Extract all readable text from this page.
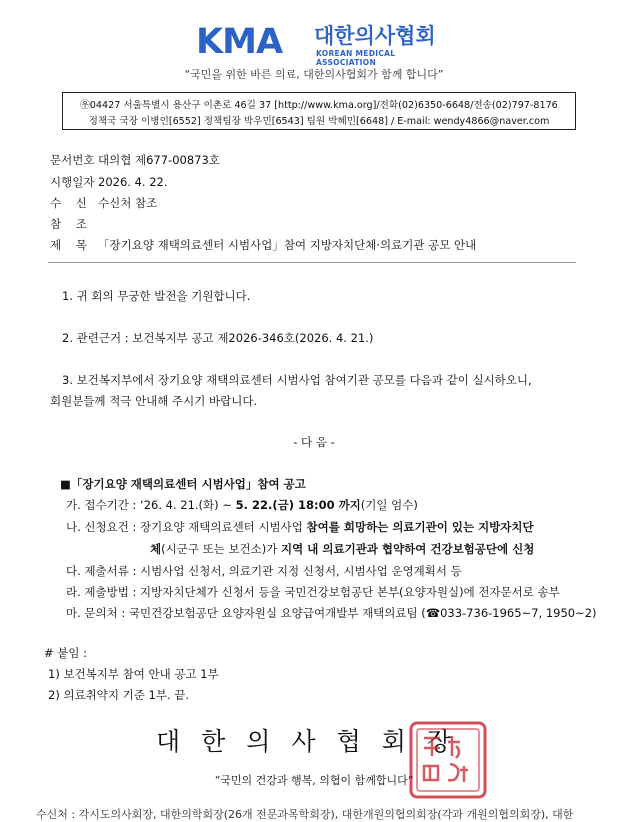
KMA 대한의사협회
KOREAN MEDICAL ASSOCIATION
“국민을 위한 바른 의료, 대한의사협회가 함께 합니다”
㉾04427 서울특별시 용산구 이촌로 46길 37 [http://www.kma.org]/전화(02)6350-6648/전송(02)797-8176
정책국 국장 이병인[6552] 정책팀장 박우민[6543] 팀원 박혜민[6648] / E-mail: wendy4866@naver.com
문서번호 대의협 제677-00873호
시행일자 2026. 4. 22.
수    신 수신처 참조
참    조
제    목 「장기요양 재택의료센터 시범사업」참여 지방자치단체·의료기관 공모 안내
1. 귀 회의 무궁한 발전을 기원합니다.
2. 관련근거 : 보건복지부 공고 제2026-346호(2026. 4. 21.)
3. 보건복지부에서 장기요양 재택의료센터 시범사업 참여기관 공모를 다음과 같이 실시하오니,
회원분들께 적극 안내해 주시기 바랍니다.
- 다 음 -
■「장기요양 재택의료센터 시범사업」참여 공고
가. 접수기간 : ‘26. 4. 21.(화) ~ 5. 22.(금) 18:00 까지(기일 엄수)
나. 신청요건 : 장기요양 재택의료센터 시범사업 참여를 희망하는 의료기관이 있는 지방자치단
체(시군구 또는 보건소)가 지역 내 의료기관과 협약하여 건강보험공단에 신청
다. 제출서류 : 시범사업 신청서, 의료기관 지정 신청서, 시범사업 운영계획서 등
라. 제출방법 : 지방자치단체가 신청서 등을 국민건강보험공단 본부(요양자원실)에 전자문서로 송부
마. 문의처 : 국민건강보험공단 요양자원실 요양급여개발부 재택의료팀 (☎033-736-1965~7, 1950~2)
# 붙임 :
1) 보건복지부 참여 안내 공고 1부
2) 의료취약지 기준 1부. 끝.
대한의사협회장
“국민의 건강과 행복, 의협이 함께합니다”
수신처 : 각시도의사회장, 대한의학회장(26개 전문과목학회장), 대한개원의협의회장(각과 개원의협의회장), 대한
